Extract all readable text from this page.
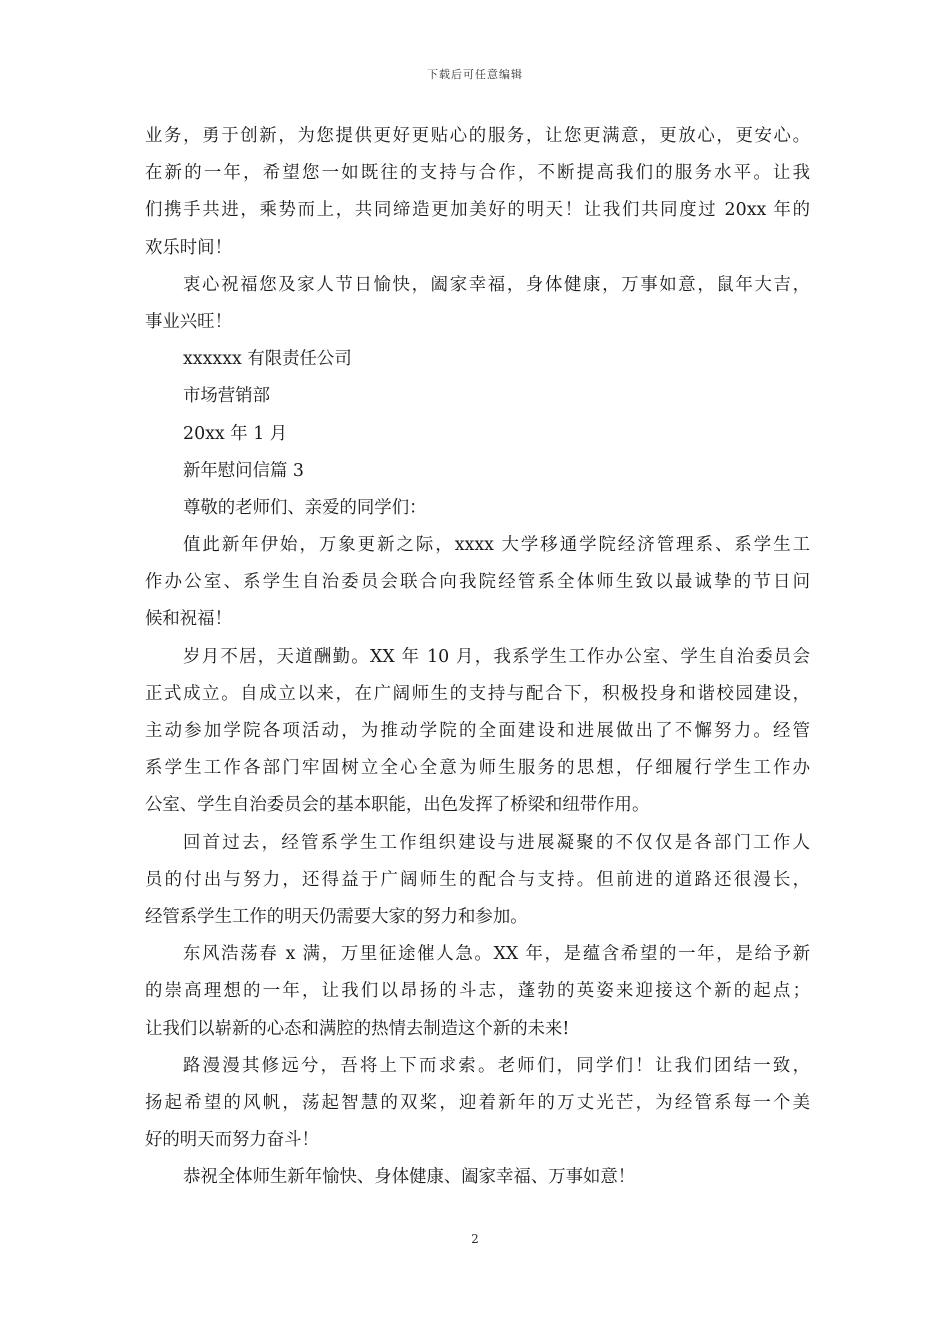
下载后可任意编辑
业务，勇于创新，为您提供更好更贴心的服务，让您更满意，更放心，更安心。
在新的一年，希望您一如既往的支持与合作，不断提高我们的服务水平。让我
们携手共进，乘势而上，共同缔造更加美好的明天！让我们共同度过 20xx 年的
欢乐时间！
衷心祝福您及家人节日愉快，阖家幸福，身体健康，万事如意，鼠年大吉，
事业兴旺！
xxxxxx 有限责任公司
市场营销部
20xx 年 1 月
新年慰问信篇 3
尊敬的老师们、亲爱的同学们：
值此新年伊始，万象更新之际，xxxx 大学移通学院经济管理系、系学生工
作办公室、系学生自治委员会联合向我院经管系全体师生致以最诚挚的节日问
候和祝福！
岁月不居，天道酬勤。XX 年 10 月，我系学生工作办公室、学生自治委员会
正式成立。自成立以来，在广阔师生的支持与配合下，积极投身和谐校园建设，
主动参加学院各项活动，为推动学院的全面建设和进展做出了不懈努力。经管
系学生工作各部门牢固树立全心全意为师生服务的思想，仔细履行学生工作办
公室、学生自治委员会的基本职能，出色发挥了桥梁和纽带作用。
回首过去，经管系学生工作组织建设与进展凝聚的不仅仅是各部门工作人
员的付出与努力，还得益于广阔师生的配合与支持。但前进的道路还很漫长，
经管系学生工作的明天仍需要大家的努力和参加。
东风浩荡春 x 满，万里征途催人急。XX 年，是蕴含希望的一年，是给予新
的崇高理想的一年，让我们以昂扬的斗志，蓬勃的英姿来迎接这个新的起点；
让我们以崭新的心态和满腔的热情去制造这个新的未来!
路漫漫其修远兮，吾将上下而求索。老师们，同学们！让我们团结一致，
扬起希望的风帆，荡起智慧的双桨，迎着新年的万丈光芒，为经管系每一个美
好的明天而努力奋斗！
恭祝全体师生新年愉快、身体健康、阖家幸福、万事如意！
2
